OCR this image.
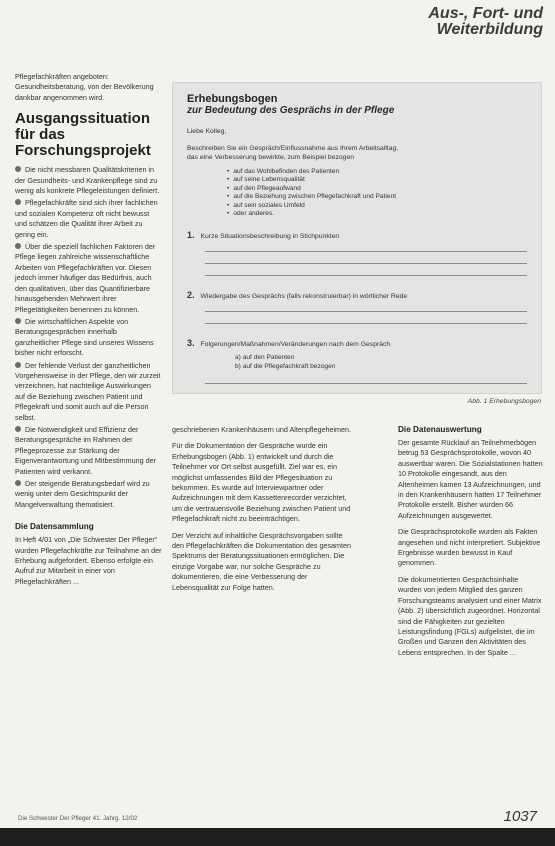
Aus-, Fort- und
Weiterbildung

Pflegefachkräften angeboten: Gesundheitsberatung, von der Bevölkerung dankbar angenommen wird.

Ausgangssituation für das Forschungsprojekt
Die nicht messbaren Qualitätskriterien in der Gesundheits- und Krankenpflege sind zu wenig als konkrete Pflegeleistungen definiert.
Pflegefachkräfte sind sich ihrer fachlichen und sozialen Kompetenz oft nicht bewusst und schätzen die Qualität ihrer Arbeit zu gering ein.
Über die speziell fachlichen Faktoren der Pflege liegen zahlreiche wissenschaftliche Arbeiten von Pflegefachkräften vor. Diesen jedoch immer häufiger das Bedürfnis, auch den qualitativen, über das Quantifizierbare hinausgehenden Mehrwert ihrer Pflegetätigkeiten benennen zu können.
Die wirtschaftlichen Aspekte von Beratungsgesprächen innerhalb ganzheitlicher Pflege sind unseres Wissens bisher nicht erforscht.
Der fehlende Verlust der ganzheitlichen Vorgehensweise in der Pflege, den wir zurzeit verzeichnen, hat nachteilige Auswirkungen auf die Beziehung zwischen Patient und Pflegekraft und somit auch auf die Person selbst.
Die Notwendigkeit und Effizienz der Beratungsgespräche im Rahmen der Pflegeprozesse zur Stärkung der Eigenverantwortung und Mitbestimmung der Patienten wird verkannt.
Der steigende Beratungsbedarf wird zu wenig unter dem Gesichtspunkt der Mangelverwaltung thematisiert.
Die Datensammlung

In Heft 4/01 von „Die Schwester Der Pfleger“ wurden Pflegefachkräfte zur Teilnahme an der Erhebung aufgefordert. Ebenso erfolgte ein Aufruf zur Mitarbeit in einer von Pflegefachkräften ...

Erhebungsbogen

zur Bedeutung des Gesprächs in der Pflege

Liebe Kolleg,

Beschreiben Sie ein Gespräch/Einflussnahme aus Ihrem Arbeitsalltag,

das eine Verbesserung bewirkte, zum Beispiel bezogen

• auf das Wohlbefinden des Patienten
• auf seine Lebensqualität
• auf den Pflegeaufwand
• auf die Beziehung zwischen Pflegefachkraft und Patient
• auf sein soziales Umfeld
• oder anderes.

1. Kurze Situationsbeschreibung in Stichpunkten

2. Wiedergabe des Gesprächs (falls rekonstruierbar) in wörtlicher Rede

3. Folgerungen/Maßnahmen/Veränderungen nach dem Gespräch

a) auf den Patienten

b) auf die Pflegefachkraft bezogen

Abb. 1 Erhebungsbogen

geschriebenen Krankenhäusern und Altenpflegeheimen.

Für die Dokumentation der Gespräche wurde ein Erhebungsbogen (Abb. 1) entwickelt und durch die Teilnehmer vor Ort selbst ausgefüllt. Ziel war es, ein möglichst umfassendes Bild der Pflegesituation zu bekommen. Es wurde auf Interviewpartner oder Aufzeichnungen mit dem Kassettenrecorder verzichtet, um die vertrauensvolle Beziehung zwischen Patient und Pflegefachkraft nicht zu beeinträchtigen.

Der Verzicht auf inhaltliche Gesprächsvorgaben sollte den Pflegefachkräften die Dokumentation des gesamten Spektrums der Beratungssituationen ermöglichen. Die einzige Vorgabe war, nur solche Gespräche zu dokumentieren, die eine Verbesserung der Lebensqualität zur Folge hatten.

Die Datenauswertung

Der gesamte Rücklauf an Teilnehmerbögen betrug 53 Gesprächsprotokolle, wovon 40 auswertbar waren. Die Sozialstationen hatten 10 Protokolle eingesandt, aus den Altenheimen kamen 13 Aufzeichnungen, und in den Krankenhäusern hatten 17 Teilnehmer Protokolle erstellt. Bisher wurden 66 Aufzeichnungen ausgewertet.

Die Gesprächsprotokolle wurden als Fakten angesehen und nicht interpretiert. Subjektive Ergebnisse wurden bewusst in Kauf genommen.

Die dokumentierten Gesprächsinhalte wurden von jedem Mitglied des ganzen Forschungsteams analysiert und einer Matrix (Abb. 2) übersichtlich zugeordnet. Horizontal sind die Fähigkeiten zur gezielten Leistungsfindung (FGLs) aufgelistet, die im Großen und Ganzen den Aktivitäten des Lebens entsprechen. In der Spalte ...

Die Schwester Der Pfleger 41. Jahrg. 12/02	1037
